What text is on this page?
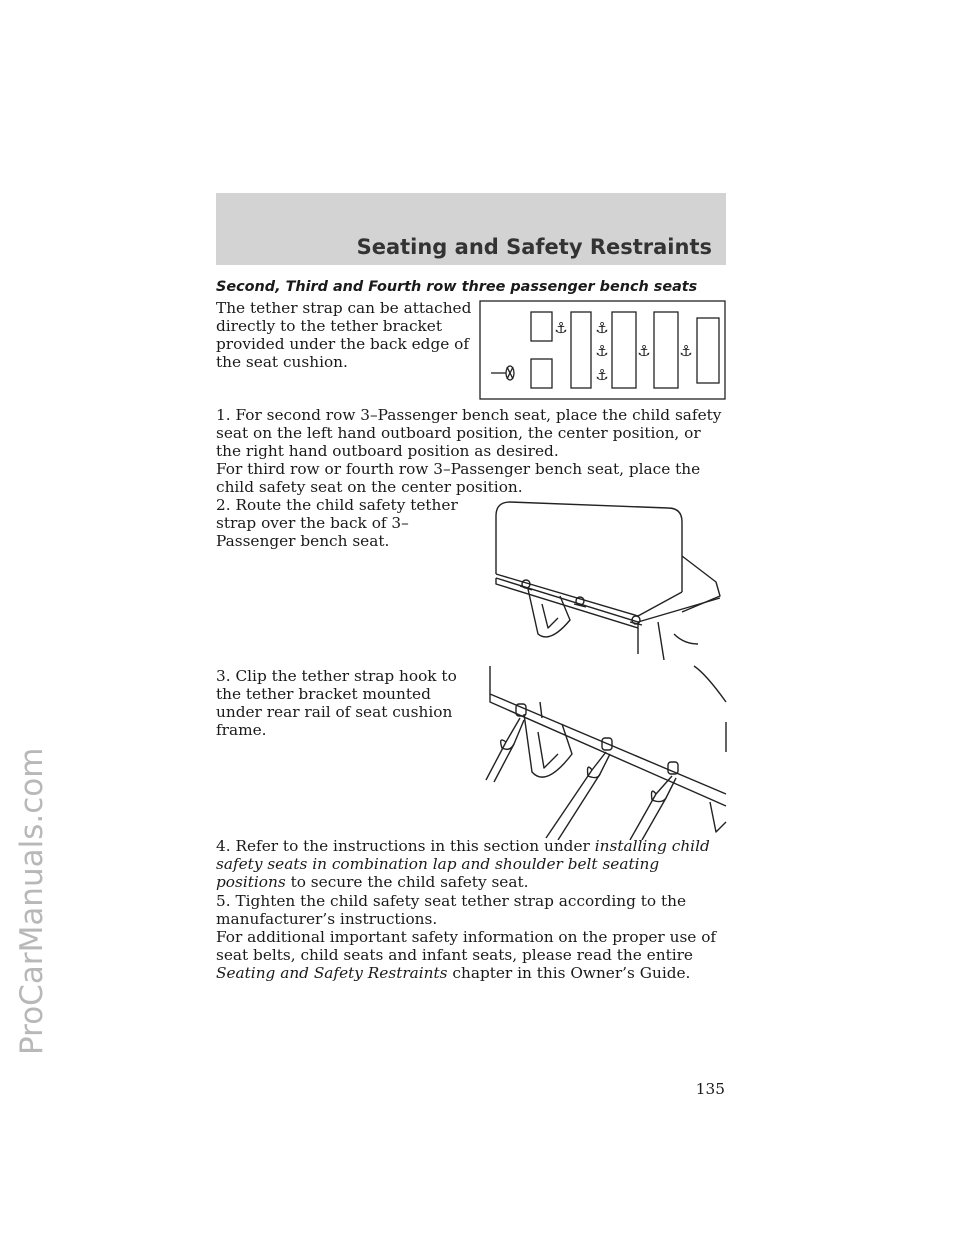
ProCarManuals.com
Seating and Safety Restraints
Second, Third and Fourth row three passenger bench seats
The tether strap can be attached directly to the tether bracket provided under the back edge of the seat cushion.
⚓ ⚓
⚓
⚓
⚓ ⚓
1. For second row 3–Passenger bench seat, place the child safety seat on the left hand outboard position, the center position, or the right hand outboard position as desired.
For third row or fourth row 3–Passenger bench seat, place the child safety seat on the center position.
2. Route the child safety tether strap over the back of 3–Passenger bench seat.
3. Clip the tether strap hook to the tether bracket mounted under rear rail of seat cushion frame.
4. Refer to the instructions in this section under installing child safety seats in combination lap and shoulder belt seating positions to secure the child safety seat.
5. Tighten the child safety seat tether strap according to the manufacturer’s instructions.
For additional important safety information on the proper use of seat belts, child seats and infant seats, please read the entire Seating and Safety Restraints chapter in this Owner’s Guide.
135
